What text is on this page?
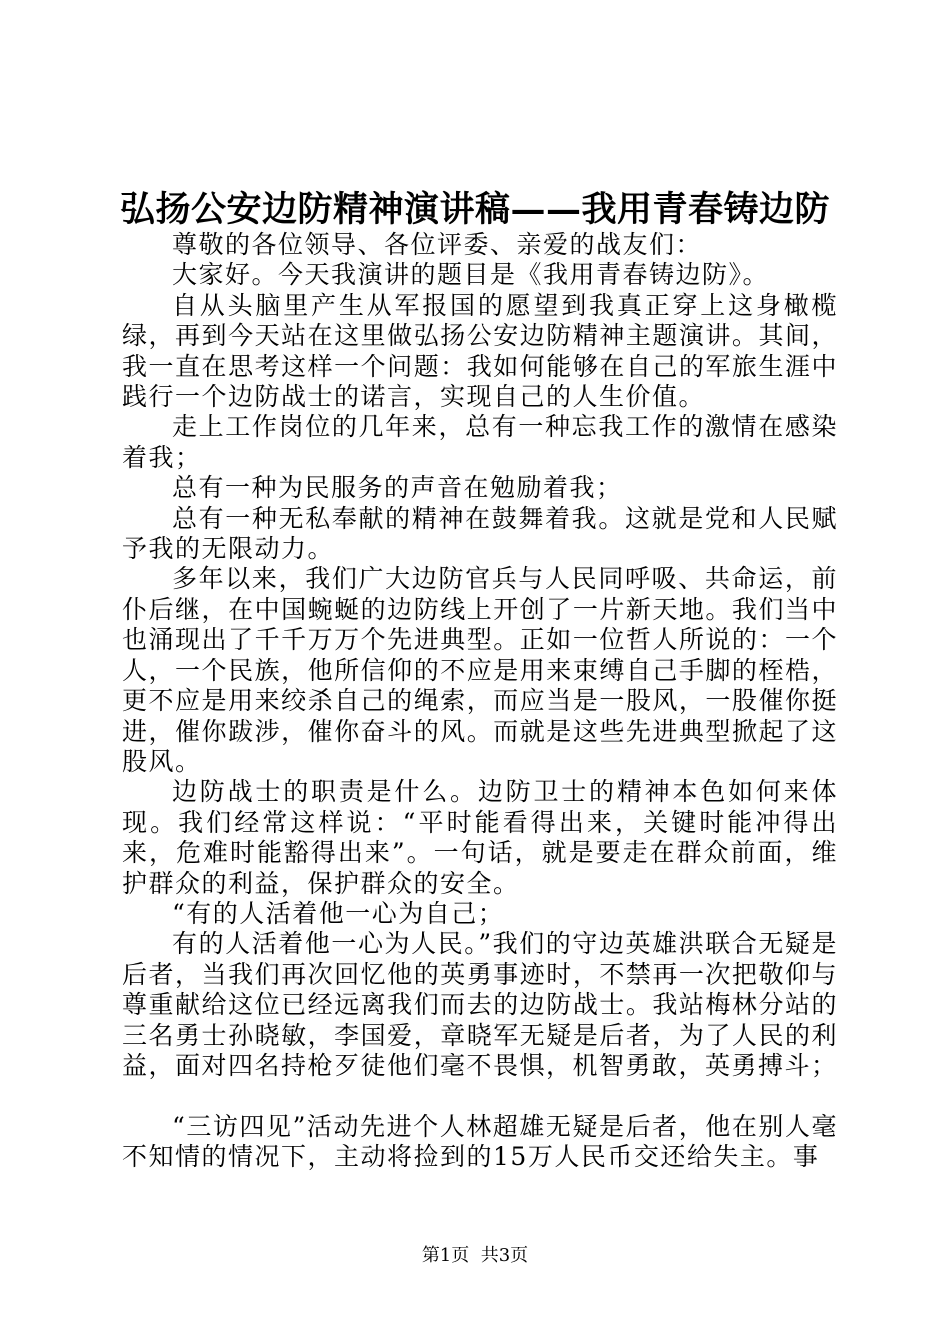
弘扬公安边防精神演讲稿——我用青春铸边防

尊敬的各位领导、各位评委、亲爱的战友们：

大家好。今天我演讲的题目是《我用青春铸边防》。

自从头脑里产生从军报国的愿望到我真正穿上这身橄榄绿，再到今天站在这里做弘扬公安边防精神主题演讲。其间，我一直在思考这样一个问题：我如何能够在自己的军旅生涯中践行一个边防战士的诺言，实现自己的人生价值。

走上工作岗位的几年来，总有一种忘我工作的激情在感染着我；

总有一种为民服务的声音在勉励着我；

总有一种无私奉献的精神在鼓舞着我。这就是党和人民赋予我的无限动力。

多年以来，我们广大边防官兵与人民同呼吸、共命运，前仆后继，在中国蜿蜒的边防线上开创了一片新天地。我们当中也涌现出了千千万万个先进典型。正如一位哲人所说的：一个人，一个民族，他所信仰的不应是用来束缚自己手脚的桎梏，更不应是用来绞杀自己的绳索，而应当是一股风，一股催你挺进，催你跋涉，催你奋斗的风。而就是这些先进典型掀起了这股风。

边防战士的职责是什么。边防卫士的精神本色如何来体现。我们经常这样说：“平时能看得出来，关键时能冲得出来，危难时能豁得出来”。一句话，就是要走在群众前面，维护群众的利益，保护群众的安全。

“有的人活着他一心为自己；

有的人活着他一心为人民。”我们的守边英雄洪联合无疑是后者，当我们再次回忆他的英勇事迹时，不禁再一次把敬仰与尊重献给这位已经远离我们而去的边防战士。我站梅林分站的三名勇士孙晓敏，李国爱，章晓军无疑是后者，为了人民的利益，面对四名持枪歹徒他们毫不畏惧，机智勇敢，英勇搏斗；

“三访四见”活动先进个人林超雄无疑是后者，他在别人毫不知情的情况下，主动将捡到的15万人民币交还给失主。事

第1页  共3页
